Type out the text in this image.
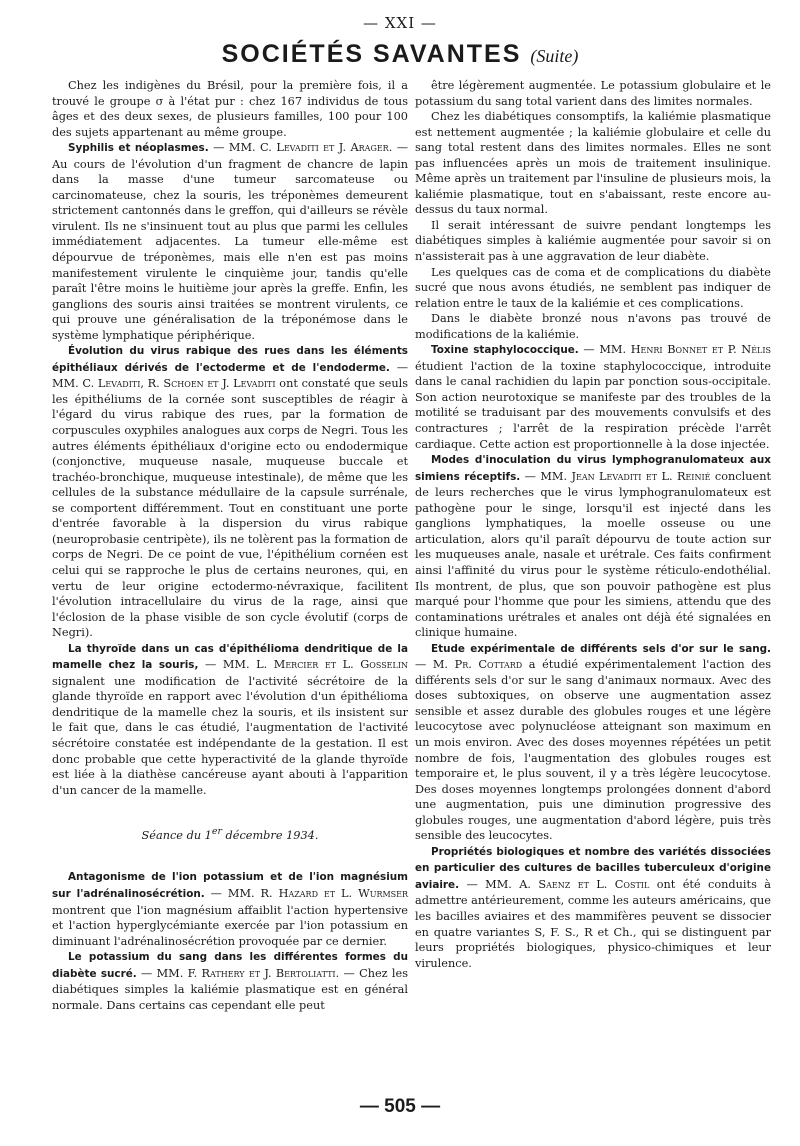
— XXI —
SOCIÉTÉS SAVANTES (Suite)

Chez les indigènes du Brésil, pour la première fois, il a trouvé le groupe σ à l'état pur : chez 167 individus de tous âges et des deux sexes, de plusieurs familles, 100 pour 100 des sujets appartenant au même groupe.

Syphilis et néoplasmes. — MM. C. Levaditi et J. Arager. — Au cours de l'évolution d'un fragment de chancre de lapin dans la masse d'une tumeur sarcomateuse ou carcinomateuse, chez la souris, les tréponèmes demeurent strictement cantonnés dans le greffon, qui d'ailleurs se révèle virulent. Ils ne s'insinuent tout au plus que parmi les cellules immédiatement adjacentes. La tumeur elle-même est dépourvue de tréponèmes, mais elle n'en est pas moins manifestement virulente le cinquième jour, tandis qu'elle paraît l'être moins le huitième jour après la greffe. Enfin, les ganglions des souris ainsi traitées se montrent virulents, ce qui prouve une généralisation de la tréponémose dans le système lymphatique périphérique.

Évolution du virus rabique des rues dans les éléments épithéliaux dérivés de l'ectoderme et de l'endoderme. — MM. C. Levaditi, R. Schoen et J. Levaditi ont constaté que seuls les épithéliums de la cornée sont susceptibles de réagir à l'égard du virus rabique des rues, par la formation de corpuscules oxyphiles analogues aux corps de Negri. Tous les autres éléments épithéliaux d'origine ecto ou endodermique (conjonctive, muqueuse nasale, muqueuse buccale et trachéo-bronchique, muqueuse intestinale), de même que les cellules de la substance médullaire de la capsule surrénale, se comportent différemment. Tout en constituant une porte d'entrée favorable à la dispersion du virus rabique (neuroprobasie centripète), ils ne tolèrent pas la formation de corps de Negri. De ce point de vue, l'épithélium cornéen est celui qui se rapproche le plus de certains neurones, qui, en vertu de leur origine ectodermo-névraxique, facilitent l'évolution intracellulaire du virus de la rage, ainsi que l'éclosion de la phase visible de son cycle évolutif (corps de Negri).

La thyroïde dans un cas d'épithélioma dendritique de la mamelle chez la souris, — MM. L. Mercier et L. Gosselin signalent une modification de l'activité sécrétoire de la glande thyroïde en rapport avec l'évolution d'un épithélioma dendritique de la mamelle chez la souris, et ils insistent sur le fait que, dans le cas étudié, l'augmentation de l'activité sécrétoire constatée est indépendante de la gestation. Il est donc probable que cette hyperactivité de la glande thyroïde est liée à la diathèse cancéreuse ayant abouti à l'apparition d'un cancer de la mamelle.

Séance du 1er décembre 1934.

Antagonisme de l'ion potassium et de l'ion magnésium sur l'adrénalinosécrétion. — MM. R. Hazard et L. Wurmser montrent que l'ion magnésium affaiblit l'action hypertensive et l'action hyperglycémiante exercée par l'ion potassium en diminuant l'adrénalinosécrétion provoquée par ce dernier.

Le potassium du sang dans les différentes formes du diabète sucré. — MM. F. Rathery et J. Bertoliatti. — Chez les diabétiques simples la kaliémie plasmatique est en général normale. Dans certains cas cependant elle peut

être légèrement augmentée. Le potassium globulaire et le potassium du sang total varient dans des limites normales.

Chez les diabétiques consomptifs, la kaliémie plasmatique est nettement augmentée ; la kaliémie globulaire et celle du sang total restent dans des limites normales. Elles ne sont pas influencées après un mois de traitement insulinique. Même après un traitement par l'insuline de plusieurs mois, la kaliémie plasmatique, tout en s'abaissant, reste encore au-dessus du taux normal.

Il serait intéressant de suivre pendant longtemps les diabétiques simples à kaliémie augmentée pour savoir si on n'assisterait pas à une aggravation de leur diabète.

Les quelques cas de coma et de complications du diabète sucré que nous avons étudiés, ne semblent pas indiquer de relation entre le taux de la kaliémie et ces complications.

Dans le diabète bronzé nous n'avons pas trouvé de modifications de la kaliémie.

Toxine staphylococcique. — MM. Henri Bonnet et P. Nélis étudient l'action de la toxine staphylococcique, introduite dans le canal rachidien du lapin par ponction sous-occipitale. Son action neurotoxique se manifeste par des troubles de la motilité se traduisant par des mouvements convulsifs et des contractures ; l'arrêt de la respiration précède l'arrêt cardiaque. Cette action est proportionnelle à la dose injectée.

Modes d'inoculation du virus lymphogranulomateux aux simiens réceptifs. — MM. Jean Levaditi et L. Reinié concluent de leurs recherches que le virus lymphogranulomateux est pathogène pour le singe, lorsqu'il est injecté dans les ganglions lymphatiques, la moelle osseuse ou une articulation, alors qu'il paraît dépourvu de toute action sur les muqueuses anale, nasale et urétrale. Ces faits confirment ainsi l'affinité du virus pour le système réticulo-endothélial. Ils montrent, de plus, que son pouvoir pathogène est plus marqué pour l'homme que pour les simiens, attendu que des contaminations urétrales et anales ont déjà été signalées en clinique humaine.

Etude expérimentale de différents sels d'or sur le sang. — M. Pr. Cottard a étudié expérimentalement l'action des différents sels d'or sur le sang d'animaux normaux. Avec des doses subtoxiques, on observe une augmentation assez sensible et assez durable des globules rouges et une légère leucocytose avec polynucléose atteignant son maximum en un mois environ. Avec des doses moyennes répétées un petit nombre de fois, l'augmentation des globules rouges est temporaire et, le plus souvent, il y a très légère leucocytose. Des doses moyennes longtemps prolongées donnent d'abord une augmentation, puis une diminution progressive des globules rouges, une augmentation d'abord légère, puis très sensible des leucocytes.

Propriétés biologiques et nombre des variétés dissociées en particulier des cultures de bacilles tuberculeux d'origine aviaire. — MM. A. Saenz et L. Costil ont été conduits à admettre antérieurement, comme les auteurs américains, que les bacilles aviaires et des mammifères peuvent se dissocier en quatre variantes S, F. S., R et Ch., qui se distinguent par leurs propriétés biologiques, physico-chimiques et leur virulence.

— 505 —
